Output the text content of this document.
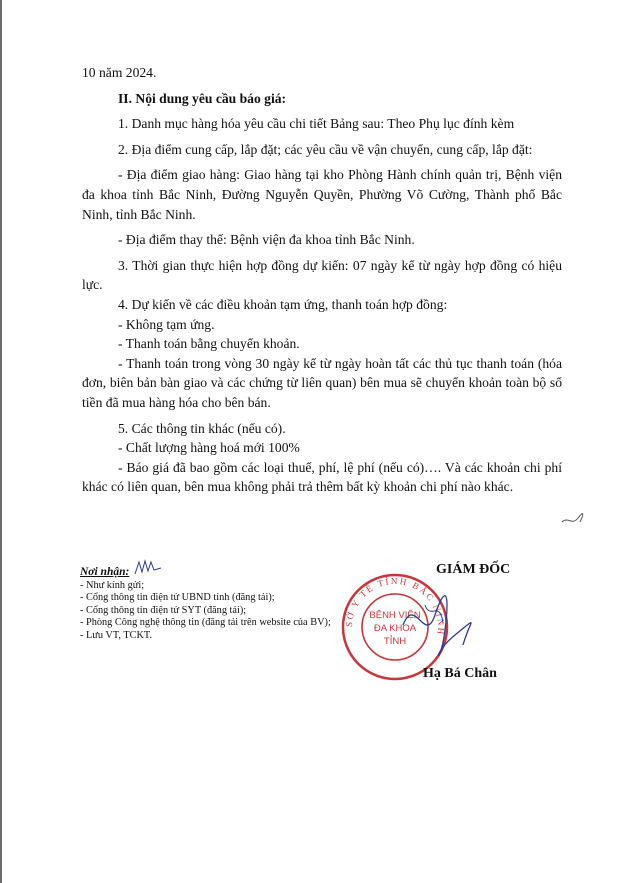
10 năm 2024.

II. Nội dung yêu cầu báo giá:

1. Danh mục hàng hóa yêu cầu chi tiết Bảng sau: Theo Phụ lục đính kèm

2. Địa điểm cung cấp, lắp đặt; các yêu cầu về vận chuyển, cung cấp, lắp đặt:

- Địa điểm giao hàng: Giao hàng tại kho Phòng Hành chính quản trị, Bệnh viện đa khoa tỉnh Bắc Ninh, Đường Nguyễn Quyền, Phường Võ Cường, Thành phố Bắc Ninh, tỉnh Bắc Ninh.

- Địa điểm thay thế: Bệnh viện đa khoa tỉnh Bắc Ninh.

3. Thời gian thực hiện hợp đồng dự kiến: 07 ngày kể từ ngày hợp đồng có hiệu lực.

4. Dự kiến về các điều khoản tạm ứng, thanh toán hợp đồng:

- Không tạm ứng.

- Thanh toán bằng chuyển khoản.

- Thanh toán trong vòng 30 ngày kể từ ngày hoàn tất các thủ tục thanh toán (hóa đơn, biên bản bàn giao và các chứng từ liên quan) bên mua sẽ chuyển khoản toàn bộ số tiền đã mua hàng hóa cho bên bán.

5. Các thông tin khác (nếu có).

- Chất lượng hàng hoá mới 100%

- Báo giá đã bao gồm các loại thuế, phí, lệ phí (nếu có)…. Và các khoản chi phí khác có liên quan, bên mua không phải trả thêm bất kỳ khoản chi phí nào khác.

Nơi nhận:
- Như kính gửi;
- Cổng thông tin điện tử UBND tỉnh (đăng tải);
- Cổng thông tin điện tử SYT (đăng tải);
- Phòng Công nghệ thông tin (đăng tải trên website của BV);
- Lưu VT, TCKT.
GIÁM ĐỐC
SỞ Y TẾ TỈNH BẮC NINH
BỆNH VIỆN
ĐA KHOA
TỈNH
Hạ Bá Chân
